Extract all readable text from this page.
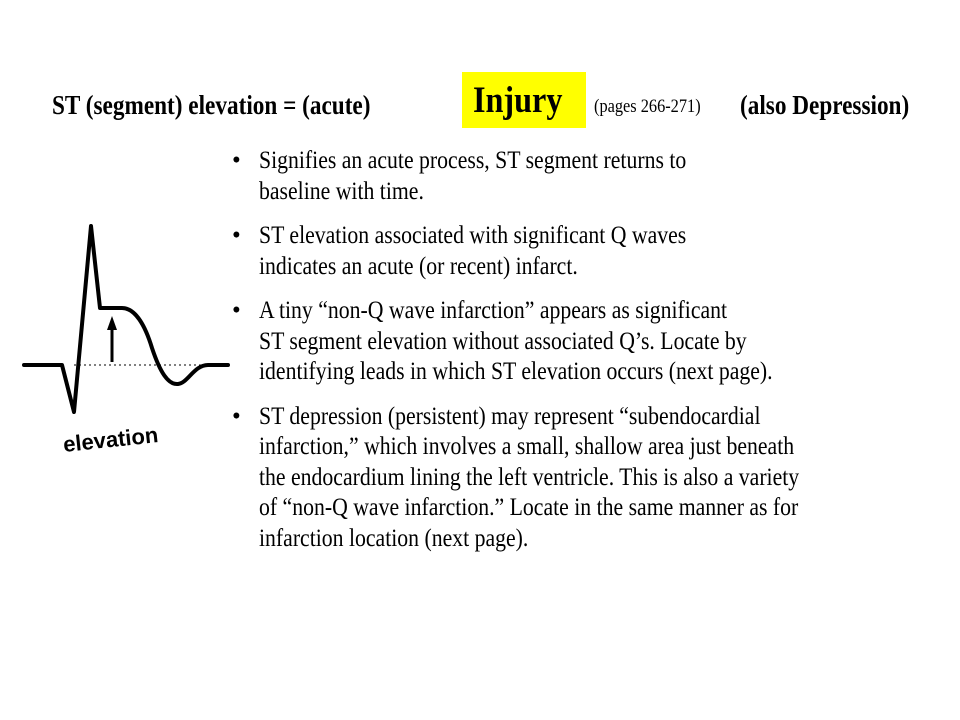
ST (segment) elevation = (acute)	Injury (pages 266-271) (also Depression)
elevation
• Signifies an acute process, ST segment returns to
baseline with time.
• ST elevation associated with significant Q waves
indicates an acute (or recent) infarct.
• A tiny “non-Q wave infarction” appears as significant
ST segment elevation without associated Q’s. Locate by
identifying leads in which ST elevation occurs (next page).
• ST depression (persistent) may represent “subendocardial
infarction,” which involves a small, shallow area just beneath
the endocardium lining the left ventricle. This is also a variety
of “non-Q wave infarction.” Locate in the same manner as for
infarction location (next page).
